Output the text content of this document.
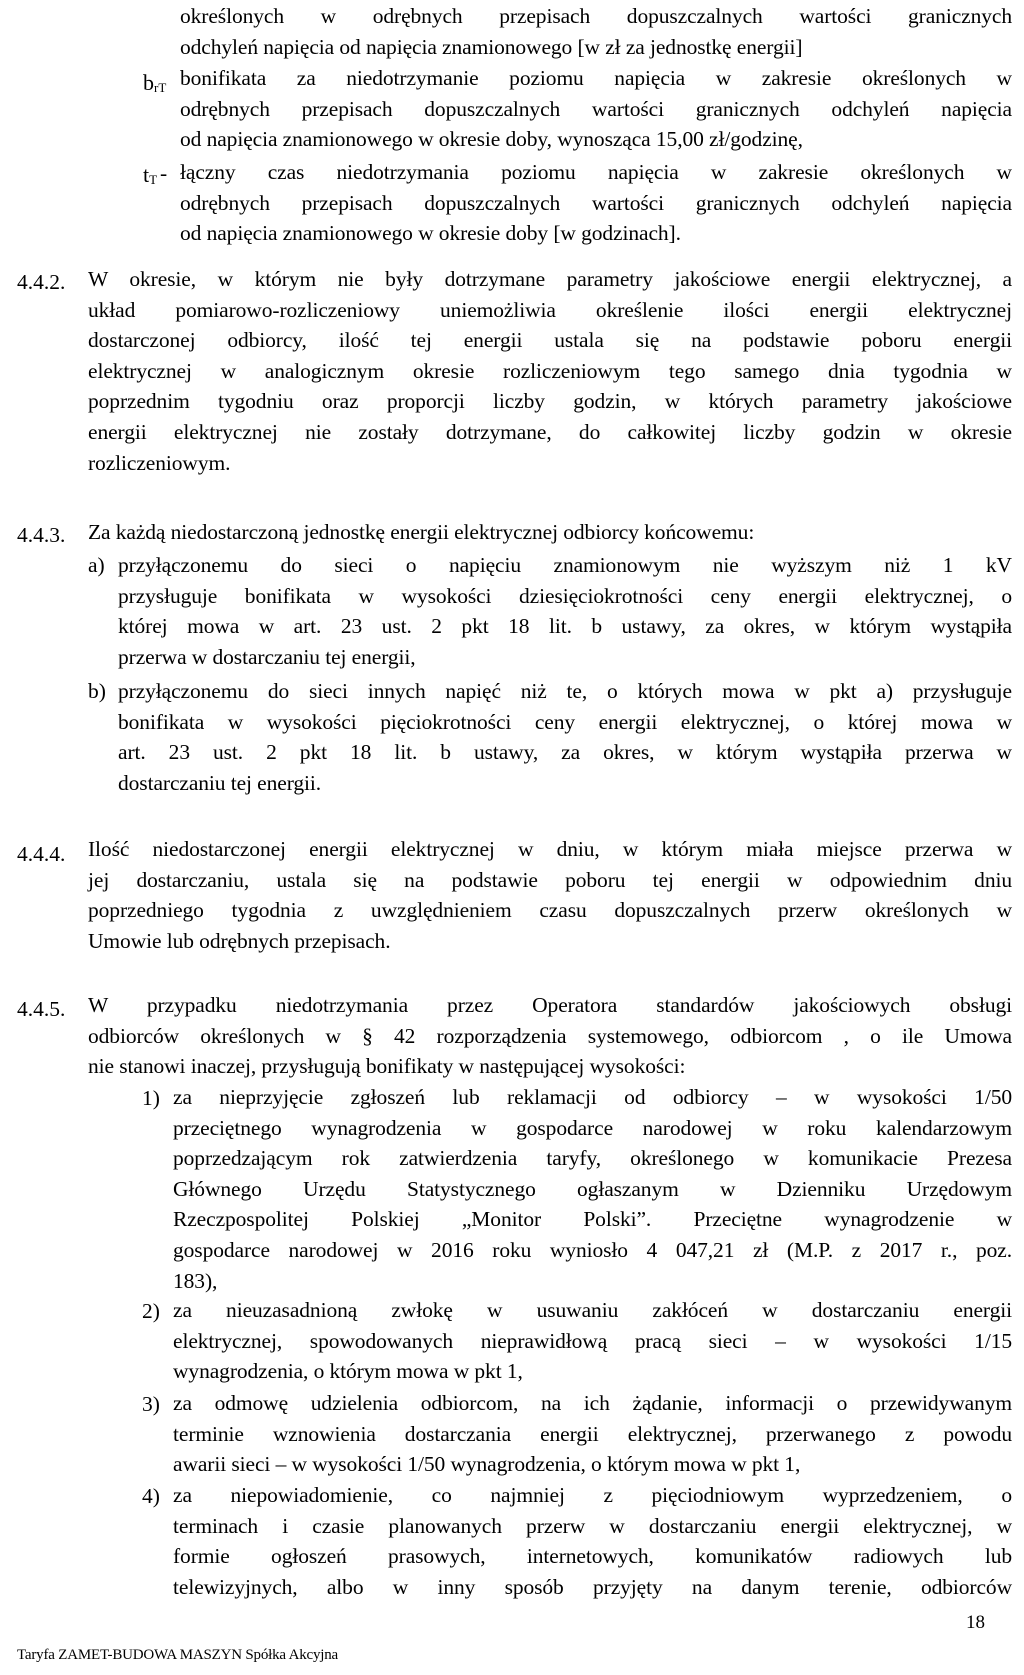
określonych w odrębnych przepisach dopuszczalnych wartości granicznych
odchyleń napięcia od napięcia znamionowego [w zł za jednostkę energii]
$b_{rT}$ bonifikata za niedotrzymanie poziomu napięcia w zakresie określonych w
odrębnych przepisach dopuszczalnych wartości granicznych odchyleń napięcia
od napięcia znamionowego w okresie doby, wynosząca 15,00 zł/godzinę,
$t_T$ - łączny czas niedotrzymania poziomu napięcia w zakresie określonych w
odrębnych przepisach dopuszczalnych wartości granicznych odchyleń napięcia
od napięcia znamionowego w okresie doby [w godzinach].
4.4.2. W okresie, w którym nie były dotrzymane parametry jakościowe energii elektrycznej, a
układ pomiarowo-rozliczeniowy uniemożliwia określenie ilości energii elektrycznej
dostarczonej odbiorcy, ilość tej energii ustala się na podstawie poboru energii
elektrycznej w analogicznym okresie rozliczeniowym tego samego dnia tygodnia w
poprzednim tygodniu oraz proporcji liczby godzin, w których parametry jakościowe
energii elektrycznej nie zostały dotrzymane, do całkowitej liczby godzin w okresie
rozliczeniowym.
4.4.3. Za każdą niedostarczoną jednostkę energii elektrycznej odbiorcy końcowemu:
a) przyłączonemu do sieci o napięciu znamionowym nie wyższym niż 1 kV
przysługuje bonifikata w wysokości dziesięciokrotności ceny energii elektrycznej, o
której mowa w art. 23 ust. 2 pkt 18 lit. b ustawy, za okres, w którym wystąpiła
przerwa w dostarczaniu tej energii,
b) przyłączonemu do sieci innych napięć niż te, o których mowa w pkt a) przysługuje
bonifikata w wysokości pięciokrotności ceny energii elektrycznej, o której mowa w
art. 23 ust. 2 pkt 18 lit. b ustawy, za okres, w którym wystąpiła przerwa w
dostarczaniu tej energii.
4.4.4. Ilość niedostarczonej energii elektrycznej w dniu, w którym miała miejsce przerwa w
jej dostarczaniu, ustala się na podstawie poboru tej energii w odpowiednim dniu
poprzedniego tygodnia z uwzględnieniem czasu dopuszczalnych przerw określonych w
Umowie lub odrębnych przepisach.
4.4.5. W przypadku niedotrzymania przez Operatora standardów jakościowych obsługi
odbiorców określonych w § 42 rozporządzenia systemowego, odbiorcom , o ile Umowa
nie stanowi inaczej, przysługują bonifikaty w następującej wysokości:
1) za nieprzyjęcie zgłoszeń lub reklamacji od odbiorcy – w wysokości 1/50
przeciętnego wynagrodzenia w gospodarce narodowej w roku kalendarzowym
poprzedzającym rok zatwierdzenia taryfy, określonego w komunikacie Prezesa
Głównego Urzędu Statystycznego ogłaszanym w Dzienniku Urzędowym
Rzeczpospolitej Polskiej „Monitor Polski”. Przeciętne wynagrodzenie w
gospodarce narodowej w 2016 roku wyniosło 4 047,21 zł (M.P. z 2017 r., poz.
183),
2) za nieuzasadnioną zwłokę w usuwaniu zakłóceń w dostarczaniu energii
elektrycznej, spowodowanych nieprawidłową pracą sieci – w wysokości 1/15
wynagrodzenia, o którym mowa w pkt 1,
3) za odmowę udzielenia odbiorcom, na ich żądanie, informacji o przewidywanym
terminie wznowienia dostarczania energii elektrycznej, przerwanego z powodu
awarii sieci – w wysokości 1/50 wynagrodzenia, o którym mowa w pkt 1,
4) za niepowiadomienie, co najmniej z pięciodniowym wyprzedzeniem, o
terminach i czasie planowanych przerw w dostarczaniu energii elektrycznej, w
formie ogłoszeń prasowych, internetowych, komunikatów radiowych lub
telewizyjnych, albo w inny sposób przyjęty na danym terenie, odbiorców
18
Taryfa ZAMET-BUDOWA MASZYN Spółka Akcyjna
